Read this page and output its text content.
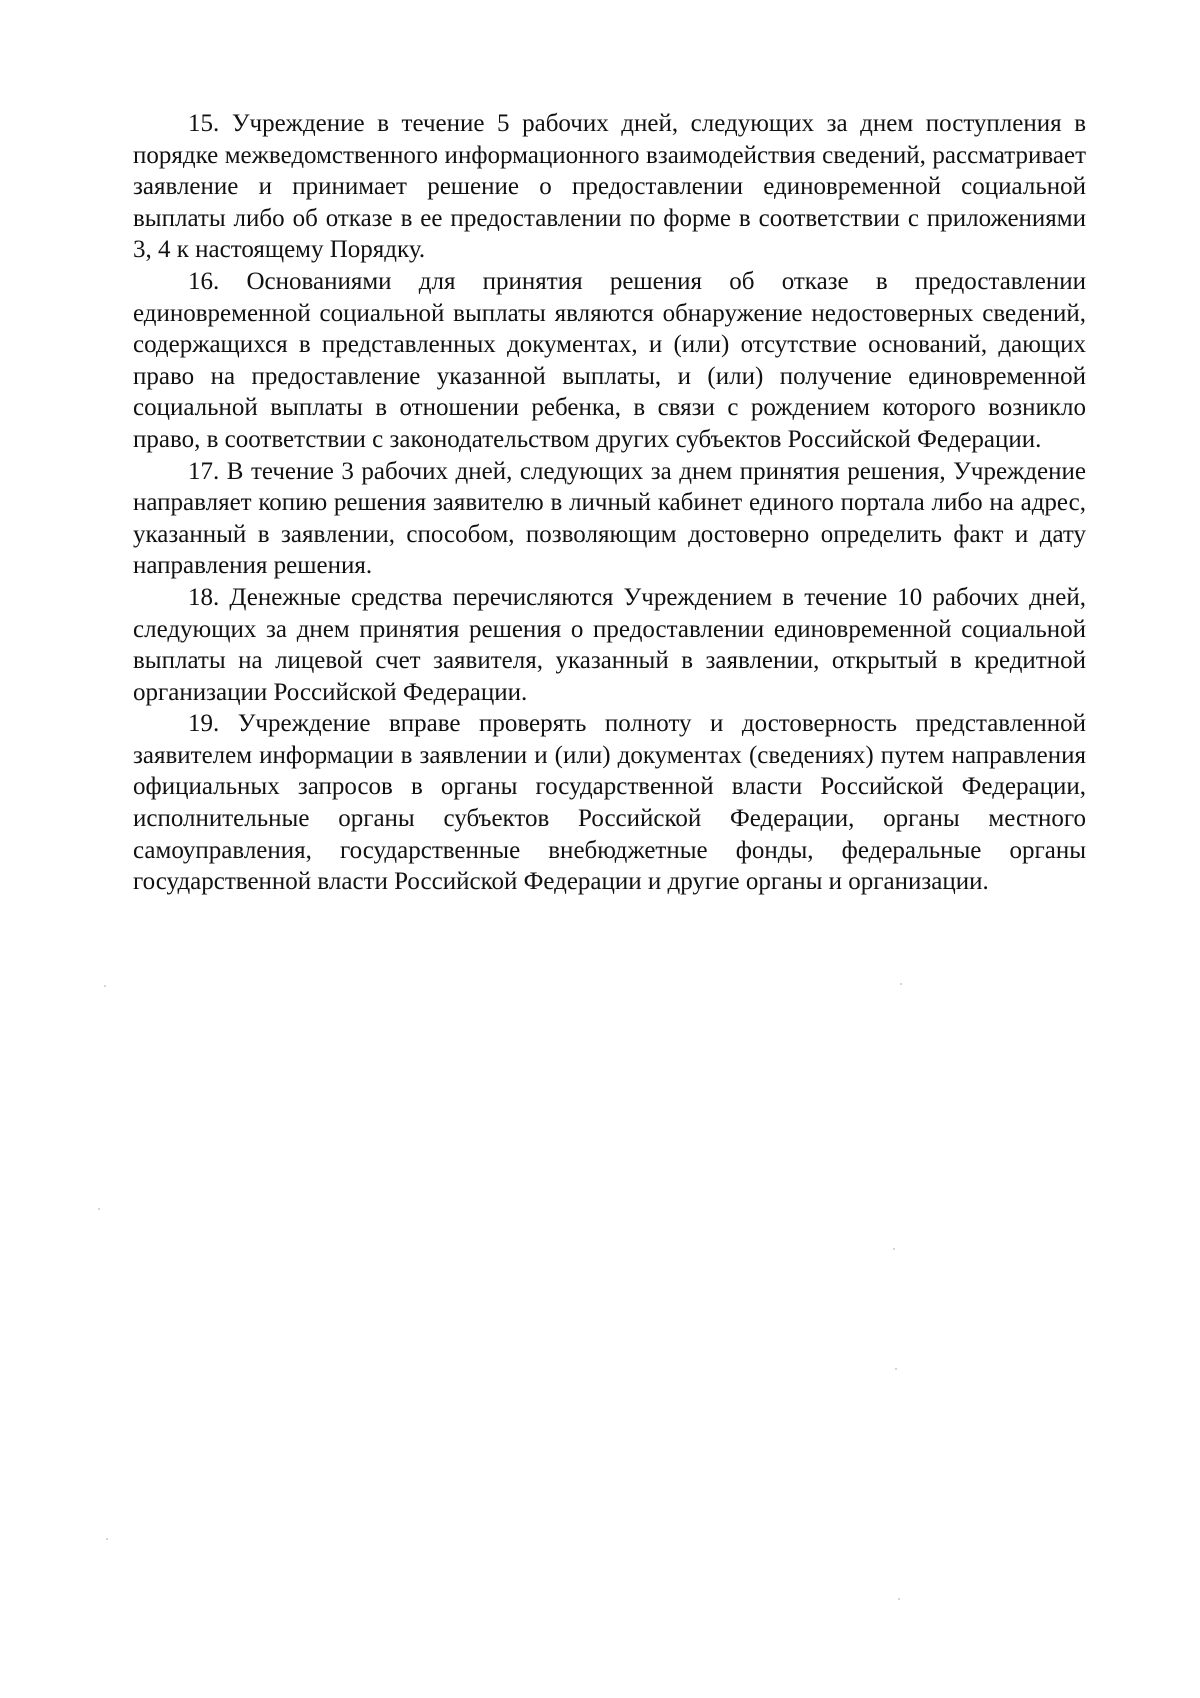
15. Учреждение в течение 5 рабочих дней, следующих за днем поступления в порядке межведомственного информационного взаимодействия сведений, рассматривает заявление и принимает решение о предоставлении единовременной социальной выплаты либо об отказе в ее предоставлении по форме в соответствии с приложениями 3, 4 к настоящему Порядку.

16. Основаниями для принятия решения об отказе в предоставлении единовременной социальной выплаты являются обнаружение недостоверных сведений, содержащихся в представленных документах, и (или) отсутствие оснований, дающих право на предоставление указанной выплаты, и (или) получение единовременной социальной выплаты в отношении ребенка, в связи с рождением которого возникло право, в соответствии с законодательством других субъектов Российской Федерации.

17. В течение 3 рабочих дней, следующих за днем принятия решения, Учреждение направляет копию решения заявителю в личный кабинет единого портала либо на адрес, указанный в заявлении, способом, позволяющим достоверно определить факт и дату направления решения.

18. Денежные средства перечисляются Учреждением в течение 10 рабочих дней, следующих за днем принятия решения о предоставлении единовременной социальной выплаты на лицевой счет заявителя, указанный в заявлении, открытый в кредитной организации Российской Федерации.

19. Учреждение вправе проверять полноту и достоверность представленной заявителем информации в заявлении и (или) документах (сведениях) путем направления официальных запросов в органы государственной власти Российской Федерации, исполнительные органы субъектов Российской Федерации, органы местного самоуправления, государственные внебюджетные фонды, федеральные органы государственной власти Российской Федерации и другие органы и организации.
